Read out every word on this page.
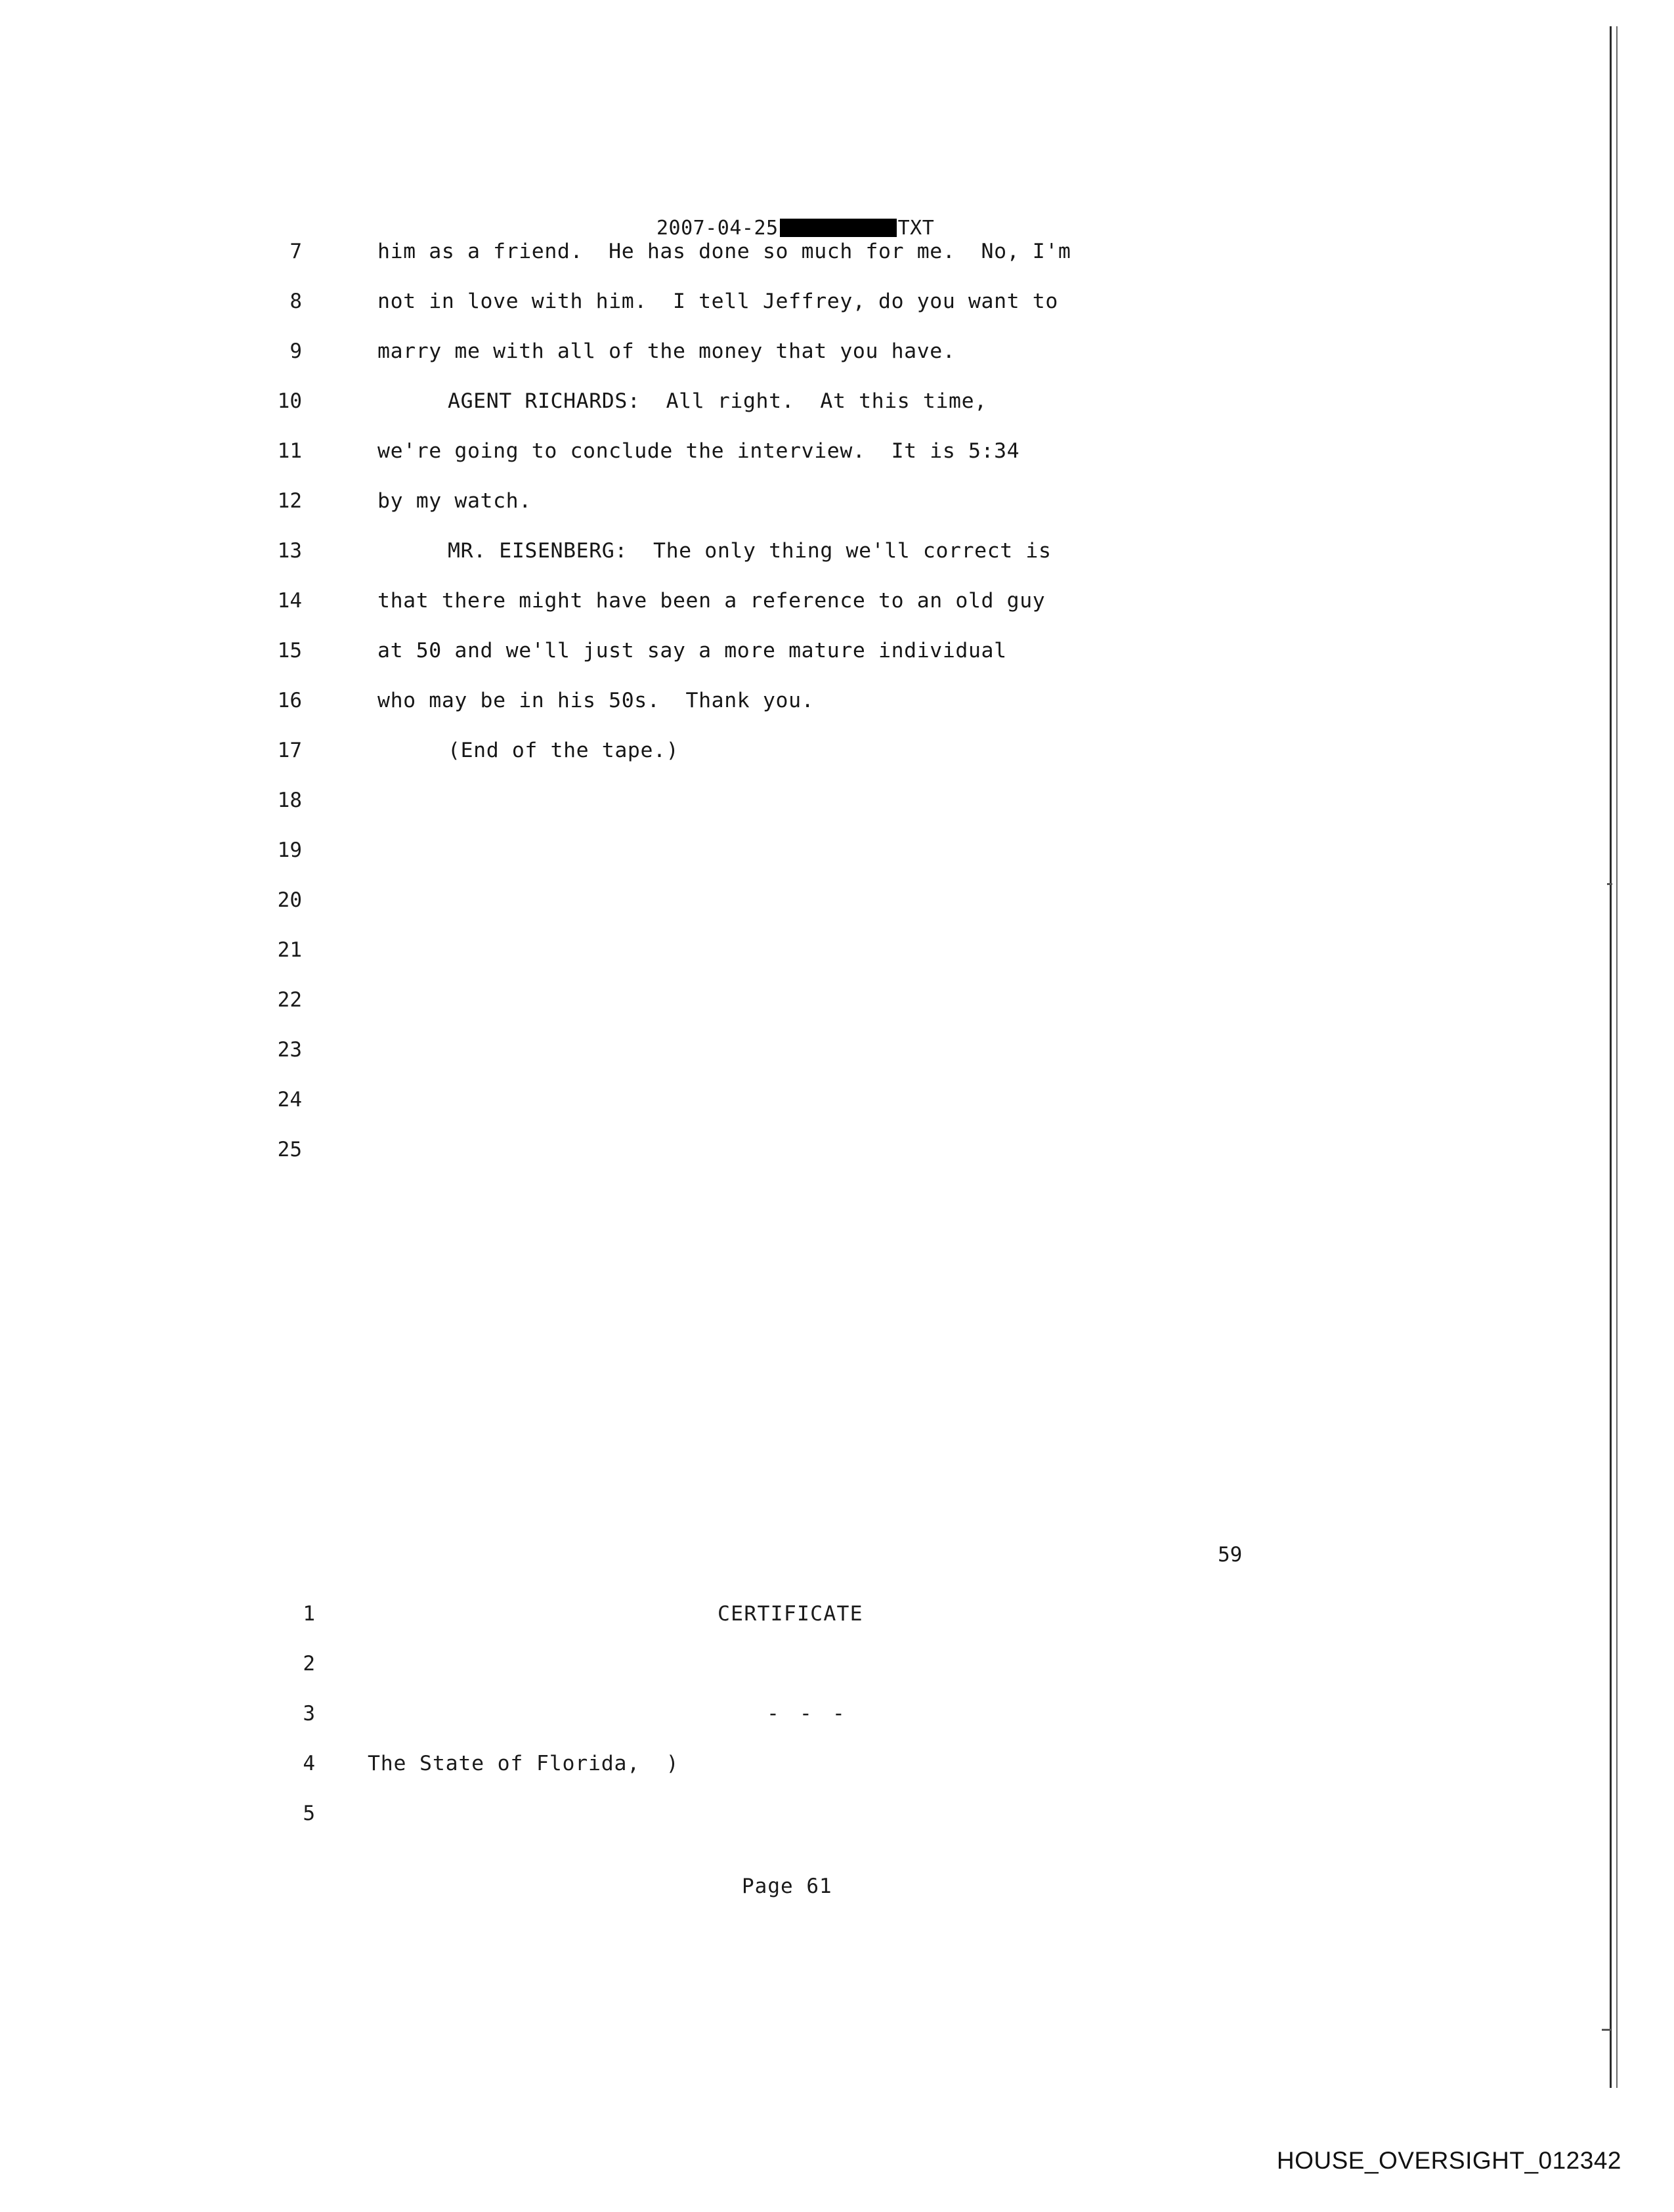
2007-04-25	TXT
7	him as a friend.  He has done so much for me.  No, I'm
8	not in love with him.  I tell Jeffrey, do you want to
9	marry me with all of the money that you have.
10	AGENT RICHARDS:  All right.  At this time,
11	we're going to conclude the interview.  It is 5:34
12	by my watch.
13	MR. EISENBERG:  The only thing we'll correct is
14	that there might have been a reference to an old guy
15	at 50 and we'll just say a more mature individual
16	who may be in his 50s.  Thank you.
17	(End of the tape.)
18
19
20
21
22
23
24
25
59
1	CERTIFICATE
2
3	- - -
4	The State of Florida,  )
5
Page 61
HOUSE_OVERSIGHT_012342
